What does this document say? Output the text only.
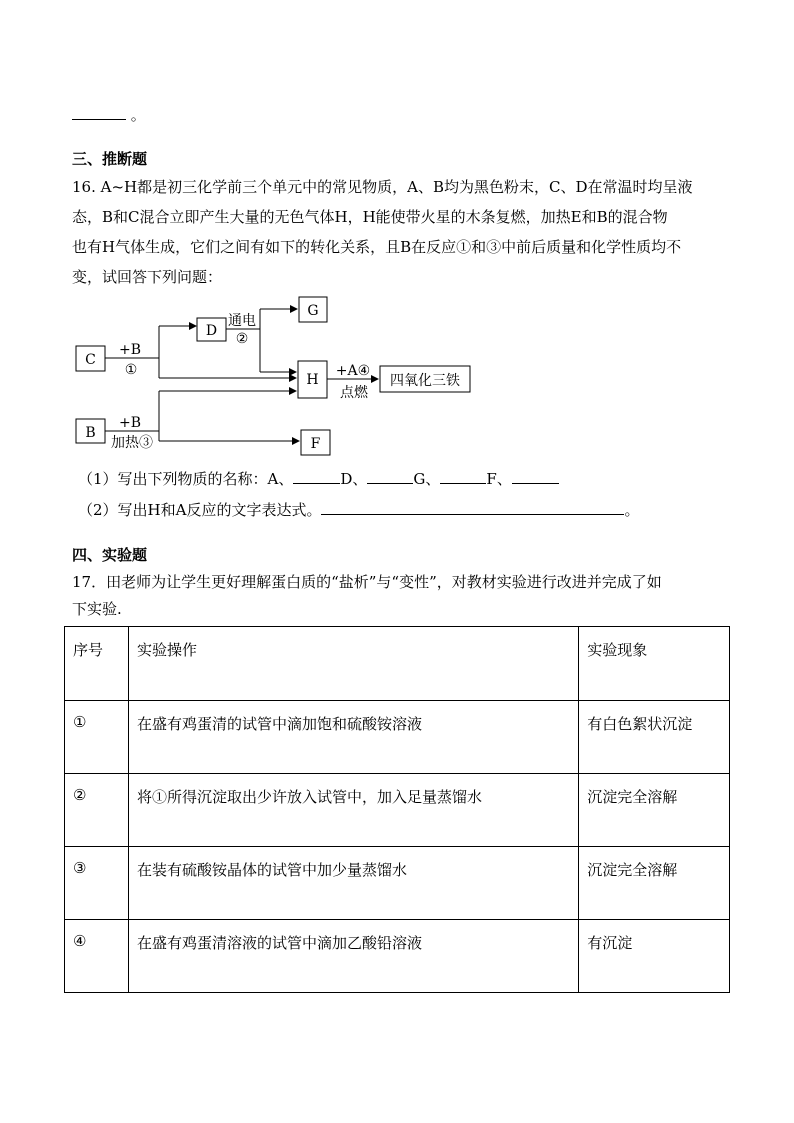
。
三、推断题
16. A~H都是初三化学前三个单元中的常见物质，A、B均为黑色粉末，C、D在常温时均呈液
态，B和C混合立即产生大量的无色气体H，H能使带火星的木条复燃，加热E和B的混合物
也有H气体生成，它们之间有如下的转化关系，且B在反应①和③中前后质量和化学性质均不
变，试回答下列问题：
C
D
G
H	四氧化三铁
B
F
+B
①
通电
②
+A④
点燃
+B
加热③
（1）写出下列物质的名称：A、	D、	G、	F、
（2）写出H和A反应的文字表达式。	。
四、实验题
17．田老师为让学生更好理解蛋白质的“盐析”与“变性”，对教材实验进行改进并完成了如
下实验.
序号	实验操作	实验现象
①	在盛有鸡蛋清的试管中滴加饱和硫酸铵溶液	有白色絮状沉淀
②	将①所得沉淀取出少许放入试管中，加入足量蒸馏水	沉淀完全溶解
③	在装有硫酸铵晶体的试管中加少量蒸馏水	沉淀完全溶解
④	在盛有鸡蛋清溶液的试管中滴加乙酸铅溶液	有沉淀
